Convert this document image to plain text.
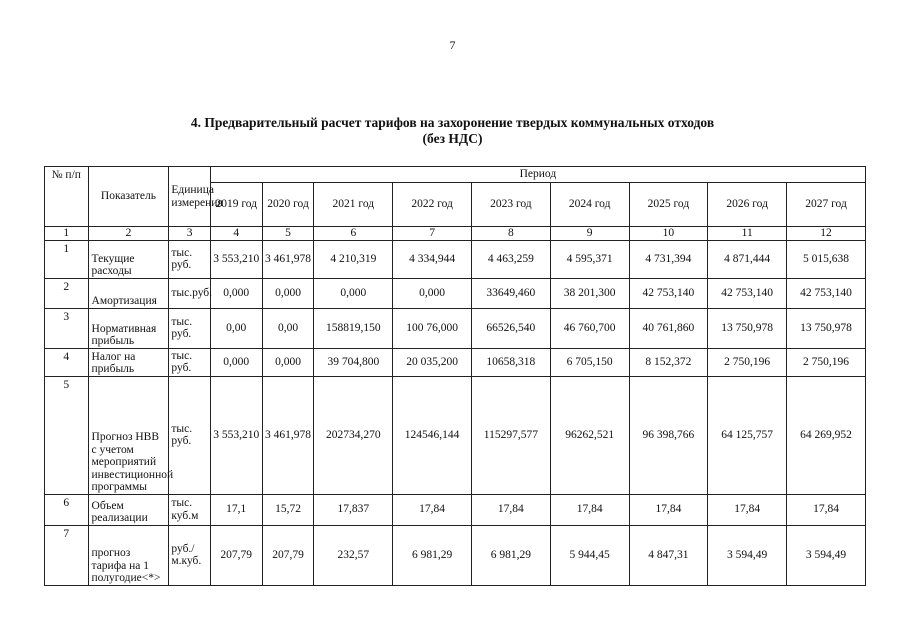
7
4. Предварительный расчет тарифов на захоронение твердых коммунальных отходов
(без НДС)
№ п/п	Показатель	Единица измерения	Период								
			2019 год	2020 год	2021 год	2022 год	2023 год	2024 год	2025 год	2026 год	2027 год
1	2	3	4	5	6	7	8	9	10	11	12
1	Текущие расходы	тыс. руб.	3 553,210	3 461,978	4 210,319	4 334,944	4 463,259	4 595,371	4 731,394	4 871,444	5 015,638
2	Амортизация	тыс.руб.	0,000	0,000	0,000	0,000	33649,460	38 201,300	42 753,140	42 753,140	42 753,140
3	Нормативная прибыль	тыс. руб.	0,00	0,00	158819,150	100 76,000	66526,540	46 760,700	40 761,860	13 750,978	13 750,978
4	Налог на прибыль	тыс. руб.	0,000	0,000	39 704,800	20 035,200	10658,318	6 705,150	8 152,372	2 750,196	2 750,196
5	Прогноз НВВ с учетом мероприятий инвестиционной программы	тыс. руб.	3 553,210	3 461,978	202734,270	124546,144	115297,577	96262,521	96 398,766	64 125,757	64 269,952
6	Объем реализации	тыс. куб.м	17,1	15,72	17,837	17,84	17,84	17,84	17,84	17,84	17,84
7	прогноз тарифа на 1 полугодие<*>	руб./м.куб.	207,79	207,79	232,57	6 981,29	6 981,29	5 944,45	4 847,31	3 594,49	3 594,49
